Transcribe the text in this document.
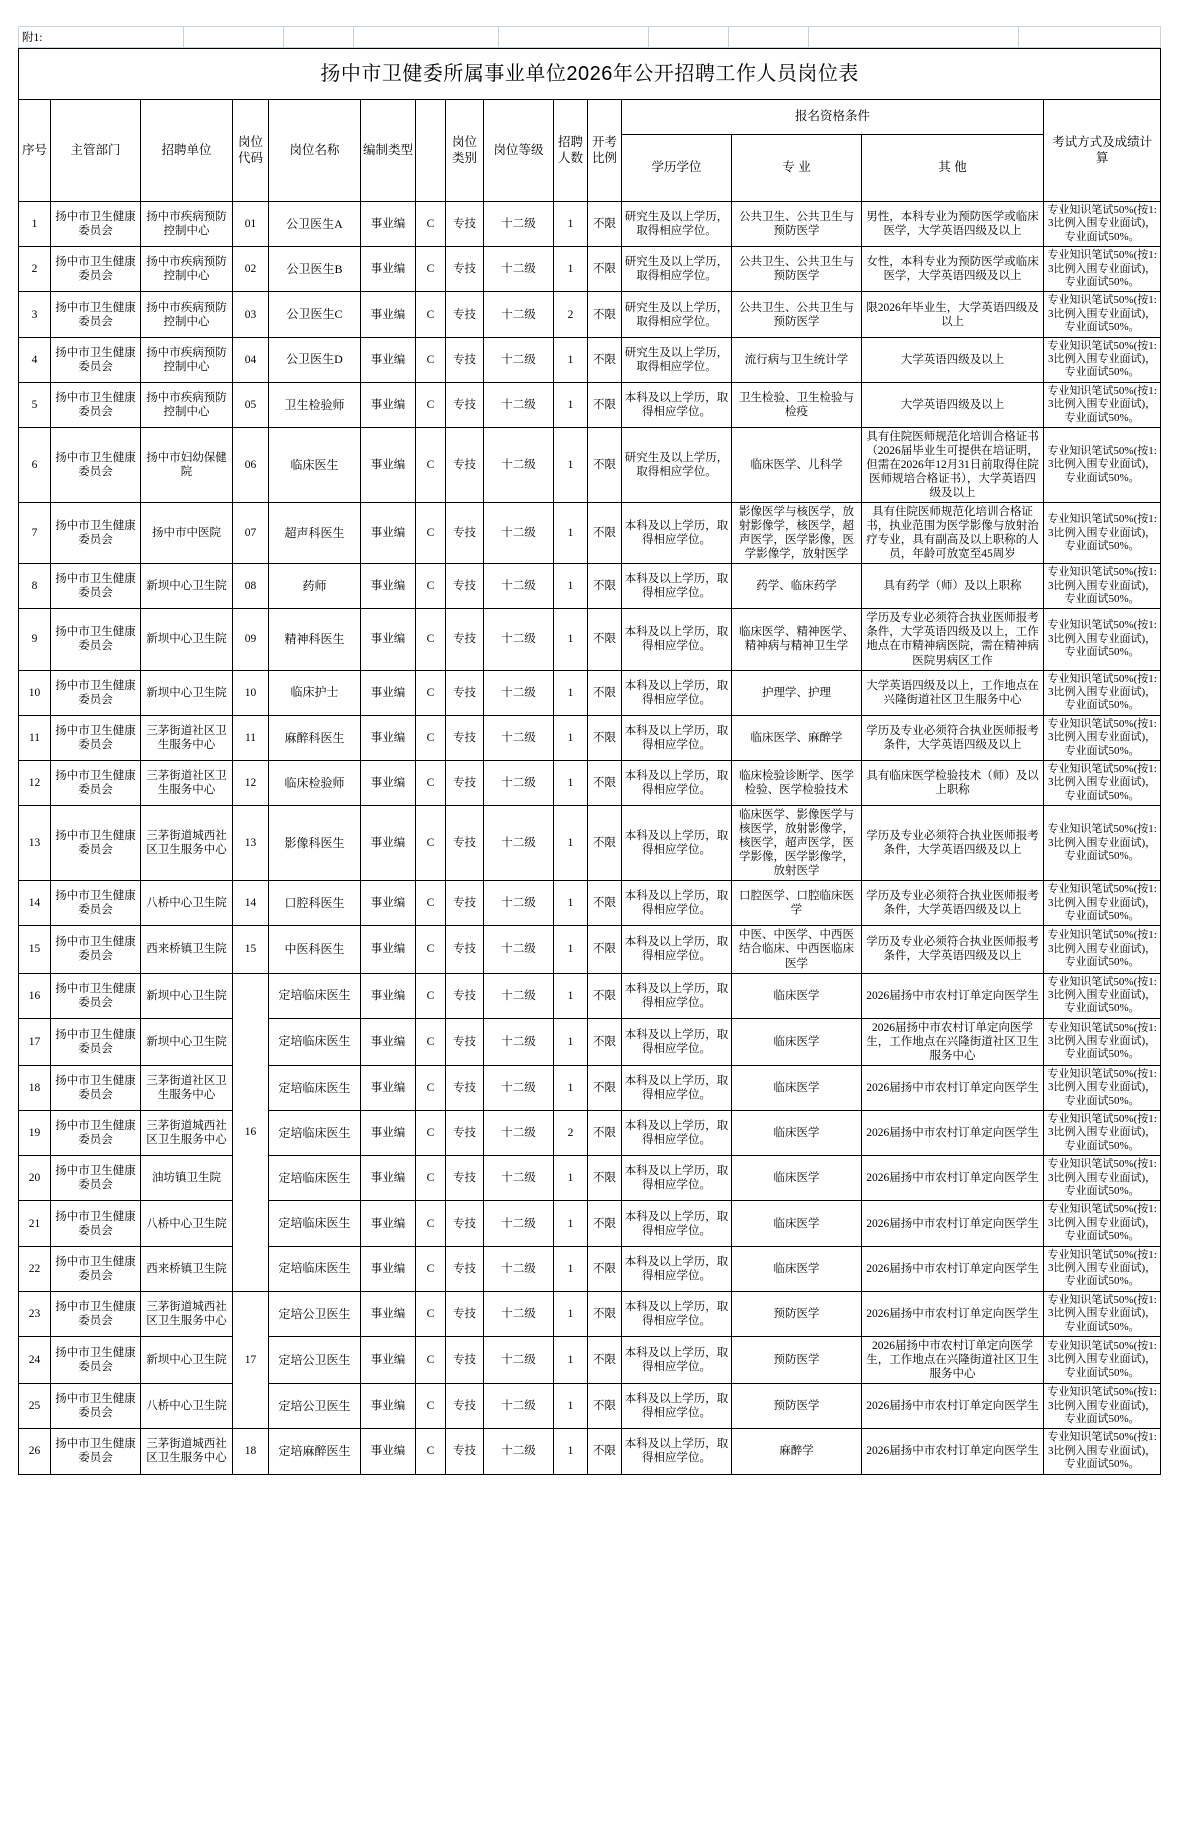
附1:								
扬中市卫健委所属事业单位2026年公开招聘工作人员岗位表														
序号	主管部门	招聘单位	岗位代码	岗位名称	编制类型		岗位类别	岗位等级	招聘人数	开考比例	报名资格条件			考试方式及成绩计算
											学历学位	专 业	其 他	
1	扬中市卫生健康委员会	扬中市疾病预防控制中心	01	公卫医生A	事业编	C	专技	十二级	1	不限	研究生及以上学历，取得相应学位。	公共卫生、公共卫生与预防医学	男性，本科专业为预防医学或临床医学，大学英语四级及以上	专业知识笔试50%(按1:3比例入围专业面试)，专业面试50%。
2	扬中市卫生健康委员会	扬中市疾病预防控制中心	02	公卫医生B	事业编	C	专技	十二级	1	不限	研究生及以上学历，取得相应学位。	公共卫生、公共卫生与预防医学	女性，本科专业为预防医学或临床医学，大学英语四级及以上	专业知识笔试50%(按1:3比例入围专业面试)，专业面试50%。
3	扬中市卫生健康委员会	扬中市疾病预防控制中心	03	公卫医生C	事业编	C	专技	十二级	2	不限	研究生及以上学历，取得相应学位。	公共卫生、公共卫生与预防医学	限2026年毕业生，大学英语四级及以上	专业知识笔试50%(按1:3比例入围专业面试)，专业面试50%。
4	扬中市卫生健康委员会	扬中市疾病预防控制中心	04	公卫医生D	事业编	C	专技	十二级	1	不限	研究生及以上学历，取得相应学位。	流行病与卫生统计学	大学英语四级及以上	专业知识笔试50%(按1:3比例入围专业面试)，专业面试50%。
5	扬中市卫生健康委员会	扬中市疾病预防控制中心	05	卫生检验师	事业编	C	专技	十二级	1	不限	本科及以上学历，取得相应学位。	卫生检验、卫生检验与检疫	大学英语四级及以上	专业知识笔试50%(按1:3比例入围专业面试)，专业面试50%。
6	扬中市卫生健康委员会	扬中市妇幼保健院	06	临床医生	事业编	C	专技	十二级	1	不限	研究生及以上学历，取得相应学位。	临床医学、儿科学	具有住院医师规范化培训合格证书（2026届毕业生可提供在培证明，但需在2026年12月31日前取得住院医师规培合格证书），大学英语四级及以上	专业知识笔试50%(按1:3比例入围专业面试)，专业面试50%。
7	扬中市卫生健康委员会	扬中市中医院	07	超声科医生	事业编	C	专技	十二级	1	不限	本科及以上学历，取得相应学位。	影像医学与核医学，放射影像学，核医学，超声医学，医学影像，医学影像学，放射医学	具有住院医师规范化培训合格证书，执业范围为医学影像与放射治疗专业，具有副高及以上职称的人员，年龄可放宽至45周岁	专业知识笔试50%(按1:3比例入围专业面试)，专业面试50%。
8	扬中市卫生健康委员会	新坝中心卫生院	08	药师	事业编	C	专技	十二级	1	不限	本科及以上学历，取得相应学位。	药学、临床药学	具有药学（师）及以上职称	专业知识笔试50%(按1:3比例入围专业面试)，专业面试50%。
9	扬中市卫生健康委员会	新坝中心卫生院	09	精神科医生	事业编	C	专技	十二级	1	不限	本科及以上学历，取得相应学位。	临床医学、精神医学、精神病与精神卫生学	学历及专业必须符合执业医师报考条件，大学英语四级及以上，工作地点在市精神病医院，需在精神病医院男病区工作	专业知识笔试50%(按1:3比例入围专业面试)，专业面试50%。
10	扬中市卫生健康委员会	新坝中心卫生院	10	临床护士	事业编	C	专技	十二级	1	不限	本科及以上学历，取得相应学位。	护理学、护理	大学英语四级及以上，工作地点在兴隆街道社区卫生服务中心	专业知识笔试50%(按1:3比例入围专业面试)，专业面试50%。
11	扬中市卫生健康委员会	三茅街道社区卫生服务中心	11	麻醉科医生	事业编	C	专技	十二级	1	不限	本科及以上学历，取得相应学位。	临床医学、麻醉学	学历及专业必须符合执业医师报考条件，大学英语四级及以上	专业知识笔试50%(按1:3比例入围专业面试)，专业面试50%。
12	扬中市卫生健康委员会	三茅街道社区卫生服务中心	12	临床检验师	事业编	C	专技	十二级	1	不限	本科及以上学历，取得相应学位。	临床检验诊断学、医学检验、医学检验技术	具有临床医学检验技术（师）及以上职称	专业知识笔试50%(按1:3比例入围专业面试)，专业面试50%。
13	扬中市卫生健康委员会	三茅街道城西社区卫生服务中心	13	影像科医生	事业编	C	专技	十二级	1	不限	本科及以上学历，取得相应学位。	临床医学、影像医学与核医学，放射影像学，核医学，超声医学，医学影像，医学影像学，放射医学	学历及专业必须符合执业医师报考条件，大学英语四级及以上	专业知识笔试50%(按1:3比例入围专业面试)，专业面试50%。
14	扬中市卫生健康委员会	八桥中心卫生院	14	口腔科医生	事业编	C	专技	十二级	1	不限	本科及以上学历，取得相应学位。	口腔医学、口腔临床医学	学历及专业必须符合执业医师报考条件，大学英语四级及以上	专业知识笔试50%(按1:3比例入围专业面试)，专业面试50%。
15	扬中市卫生健康委员会	西来桥镇卫生院	15	中医科医生	事业编	C	专技	十二级	1	不限	本科及以上学历，取得相应学位。	中医、中医学、中西医结合临床、中西医临床医学	学历及专业必须符合执业医师报考条件，大学英语四级及以上	专业知识笔试50%(按1:3比例入围专业面试)，专业面试50%。
16	扬中市卫生健康委员会	新坝中心卫生院	16	定培临床医生	事业编	C	专技	十二级	1	不限	本科及以上学历，取得相应学位。	临床医学	2026届扬中市农村订单定向医学生	专业知识笔试50%(按1:3比例入围专业面试)，专业面试50%。
17	扬中市卫生健康委员会	新坝中心卫生院		定培临床医生	事业编	C	专技	十二级	1	不限	本科及以上学历，取得相应学位。	临床医学	2026届扬中市农村订单定向医学生，工作地点在兴隆街道社区卫生服务中心	专业知识笔试50%(按1:3比例入围专业面试)，专业面试50%。
18	扬中市卫生健康委员会	三茅街道社区卫生服务中心		定培临床医生	事业编	C	专技	十二级	1	不限	本科及以上学历，取得相应学位。	临床医学	2026届扬中市农村订单定向医学生	专业知识笔试50%(按1:3比例入围专业面试)，专业面试50%。
19	扬中市卫生健康委员会	三茅街道城西社区卫生服务中心		定培临床医生	事业编	C	专技	十二级	2	不限	本科及以上学历，取得相应学位。	临床医学	2026届扬中市农村订单定向医学生	专业知识笔试50%(按1:3比例入围专业面试)，专业面试50%。
20	扬中市卫生健康委员会	油坊镇卫生院		定培临床医生	事业编	C	专技	十二级	1	不限	本科及以上学历，取得相应学位。	临床医学	2026届扬中市农村订单定向医学生	专业知识笔试50%(按1:3比例入围专业面试)，专业面试50%。
21	扬中市卫生健康委员会	八桥中心卫生院		定培临床医生	事业编	C	专技	十二级	1	不限	本科及以上学历，取得相应学位。	临床医学	2026届扬中市农村订单定向医学生	专业知识笔试50%(按1:3比例入围专业面试)，专业面试50%。
22	扬中市卫生健康委员会	西来桥镇卫生院		定培临床医生	事业编	C	专技	十二级	1	不限	本科及以上学历，取得相应学位。	临床医学	2026届扬中市农村订单定向医学生	专业知识笔试50%(按1:3比例入围专业面试)，专业面试50%。
23	扬中市卫生健康委员会	三茅街道城西社区卫生服务中心	17	定培公卫医生	事业编	C	专技	十二级	1	不限	本科及以上学历，取得相应学位。	预防医学	2026届扬中市农村订单定向医学生	专业知识笔试50%(按1:3比例入围专业面试)，专业面试50%。
24	扬中市卫生健康委员会	新坝中心卫生院		定培公卫医生	事业编	C	专技	十二级	1	不限	本科及以上学历，取得相应学位。	预防医学	2026届扬中市农村订单定向医学生，工作地点在兴隆街道社区卫生服务中心	专业知识笔试50%(按1:3比例入围专业面试)，专业面试50%。
25	扬中市卫生健康委员会	八桥中心卫生院		定培公卫医生	事业编	C	专技	十二级	1	不限	本科及以上学历，取得相应学位。	预防医学	2026届扬中市农村订单定向医学生	专业知识笔试50%(按1:3比例入围专业面试)，专业面试50%。
26	扬中市卫生健康委员会	三茅街道城西社区卫生服务中心	18	定培麻醉医生	事业编	C	专技	十二级	1	不限	本科及以上学历，取得相应学位。	麻醉学	2026届扬中市农村订单定向医学生	专业知识笔试50%(按1:3比例入围专业面试)，专业面试50%。
